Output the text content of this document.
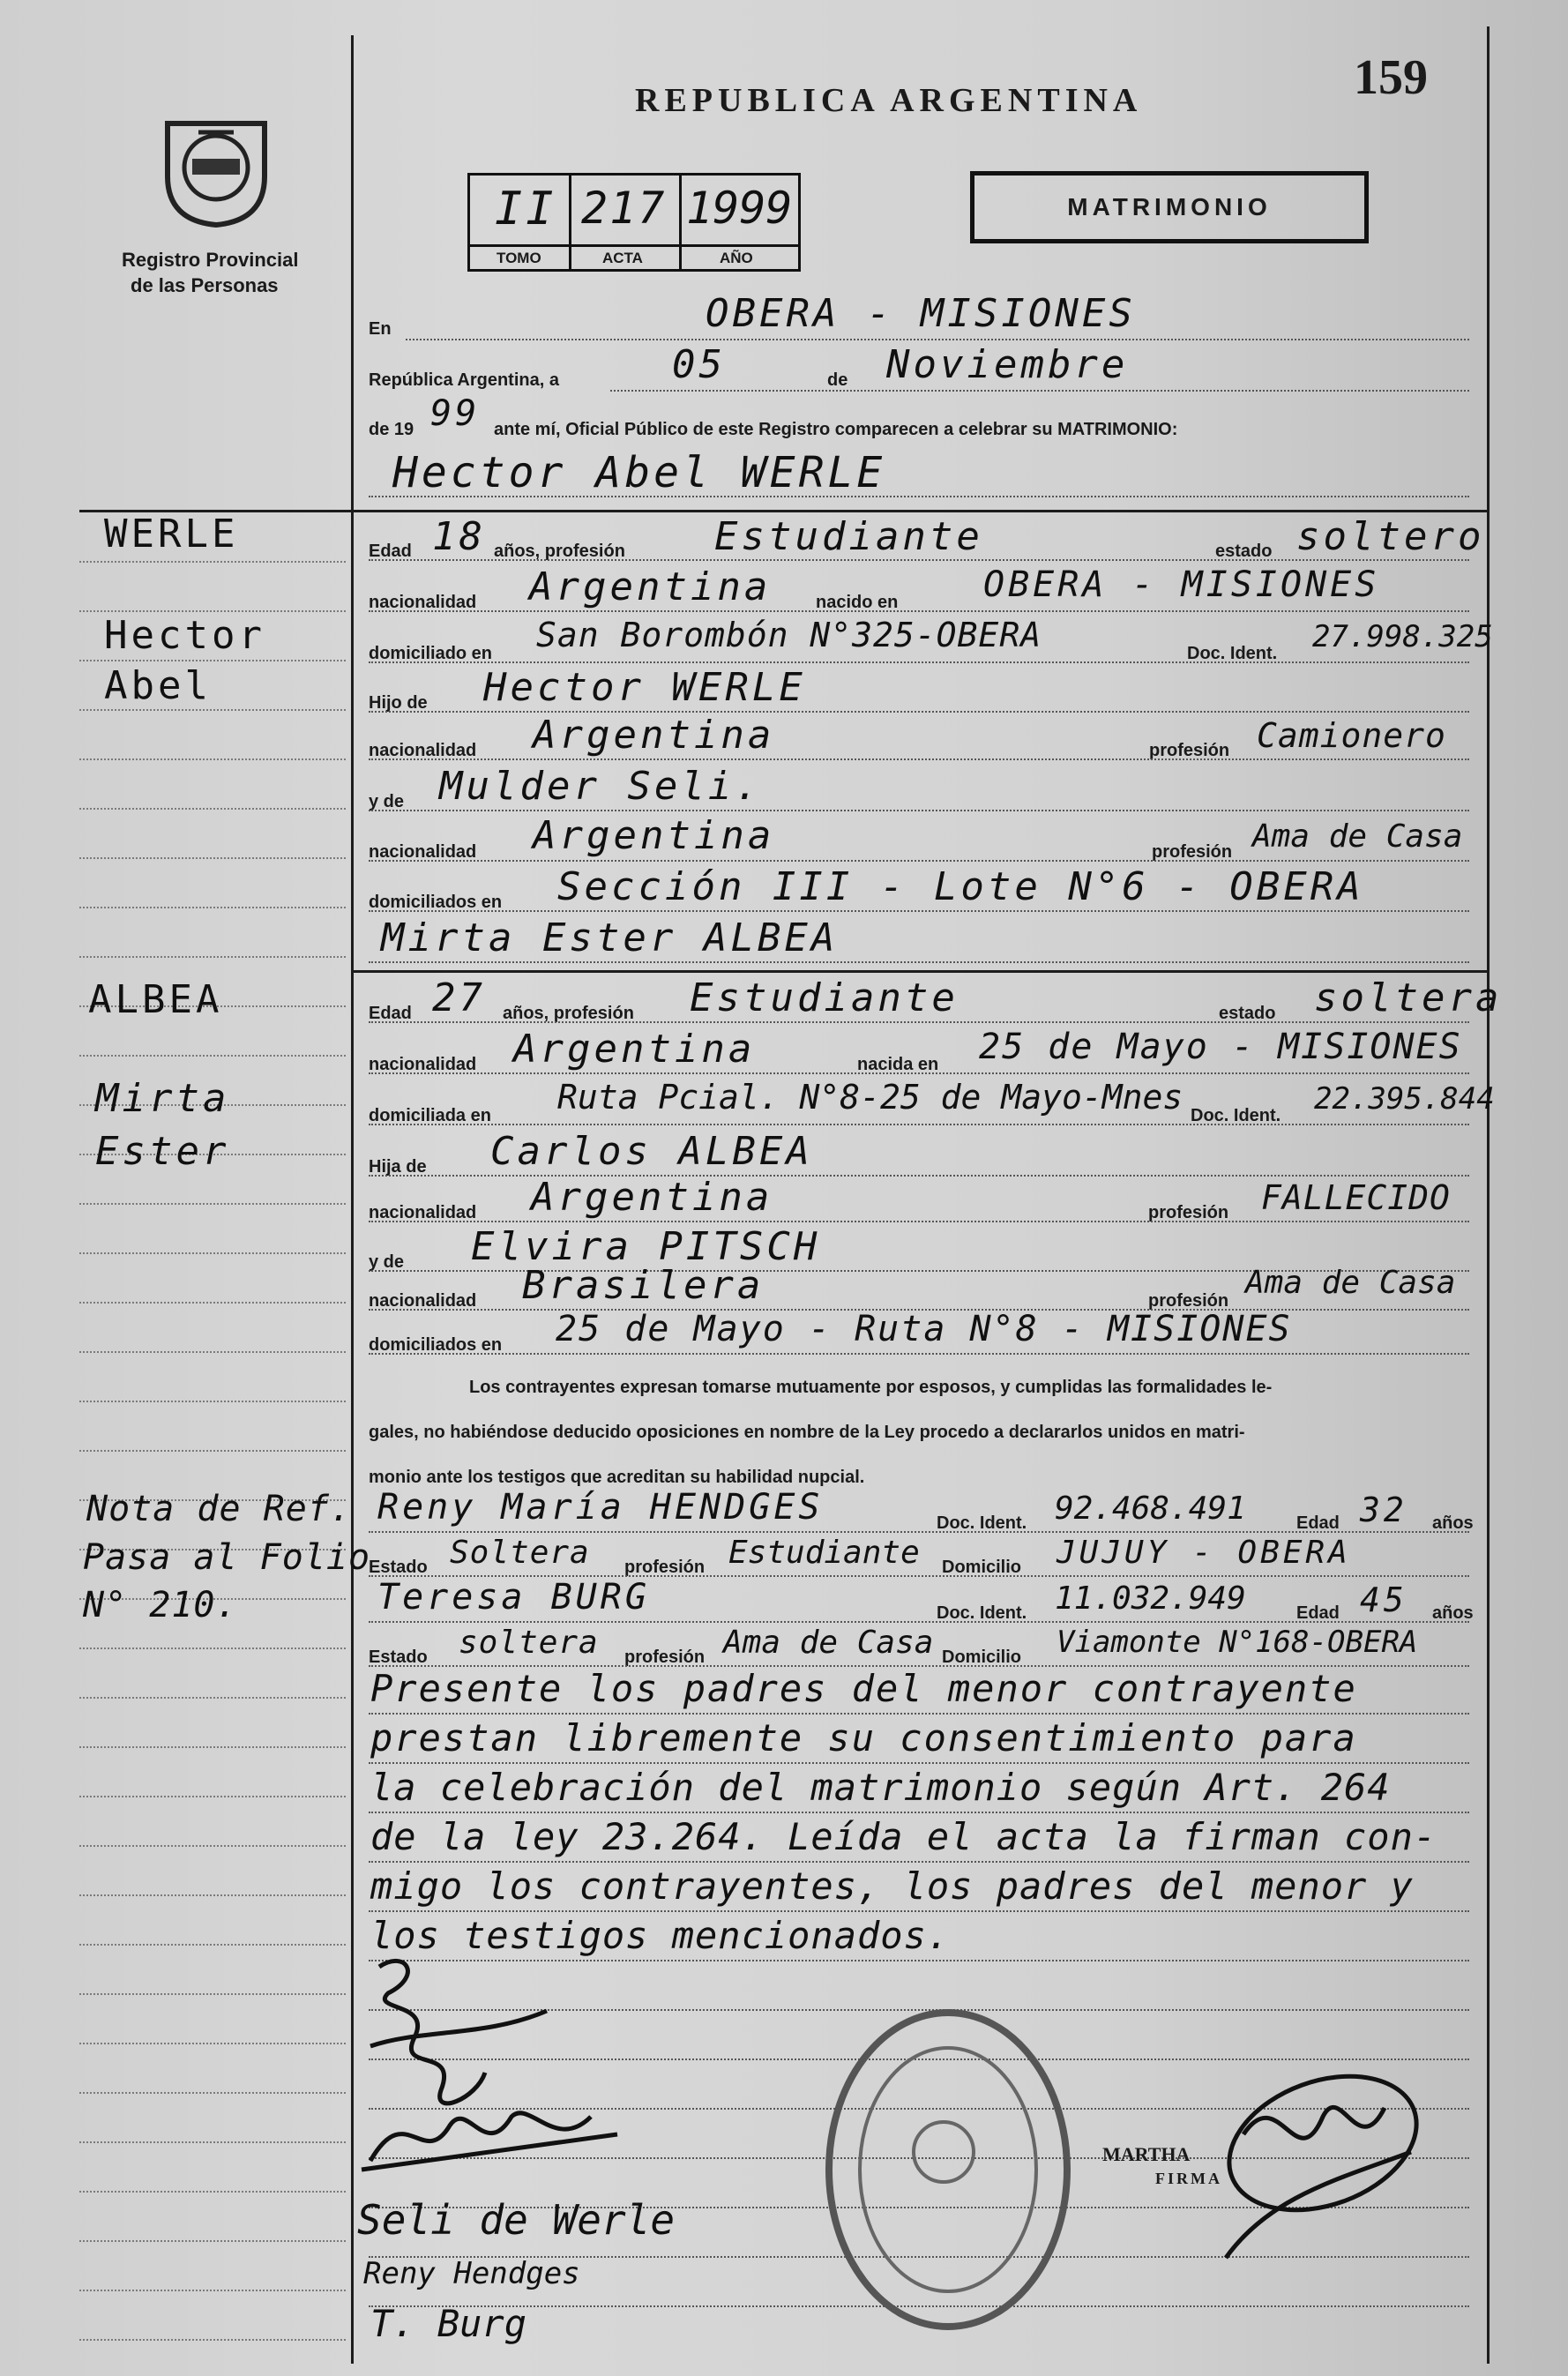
159
Registro Provincial
de las Personas
REPUBLICA ARGENTINA
MATRIMONIO
II 217 1999
TOMO	ACTA	AÑO
En	OBERA - MISIONES
República Argentina, a	05	de Noviembre
de 19 99 ante mí, Oficial Público de este Registro comparecen a celebrar su MATRIMONIO:
Hector Abel WERLE
WERLE
Hector
Abel
ALBEA
Mirta
Ester
Nota de Ref.
Pasa al Folio
N° 210.
Edad 18 años, profesión Estudiante	estado soltero
nacionalidad Argentina	nacido en OBERA - MISIONES
domiciliado en San Borombón N°325-OBERA	Doc. Ident. 27.998.325
Hijo de Hector WERLE
nacionalidad Argentina	profesión Camionero
y de Mulder Seli.
nacionalidad Argentina	profesión Ama de Casa
domiciliados en Sección III - Lote N°6 - OBERA
Mirta Ester ALBEA
Edad 27 años, profesión Estudiante	estado soltera
nacionalidad Argentina	nacida en 25 de Mayo - MISIONES
domiciliada en Ruta Pcial. N°8-25 de Mayo-Mnes Doc. Ident. 22.395.844
Hija de Carlos ALBEA
nacionalidad Argentina	profesión FALLECIDO
y de Elvira PITSCH
nacionalidad Brasilera	profesión Ama de Casa
domiciliados en 25 de Mayo - Ruta N°8 - MISIONES
Los contrayentes expresan tomarse mutuamente por esposos, y cumplidas las formalidades le-
gales, no habiéndose deducido oposiciones en nombre de la Ley procedo a declararlos unidos en matri-
monio ante los testigos que acreditan su habilidad nupcial.
Reny María HENDGES	Doc. Ident. 92.468.491	Edad 32 años
Estado Soltera profesión Estudiante Domicilio JUJUY - OBERA
Teresa BURG	Doc. Ident. 11.032.949	Edad 45 años
Estado soltera profesión Ama de Casa Domicilio Viamonte N°168-OBERA
Presente los padres del menor contrayente
prestan libremente su consentimiento para
la celebración del matrimonio según Art. 264
de la ley 23.264. Leída el acta la firman con-
migo los contrayentes, los padres del menor y
los testigos mencionados.
MARTHA
FIRMA
Seli de Werle
Reny Hendges
T. Burg
